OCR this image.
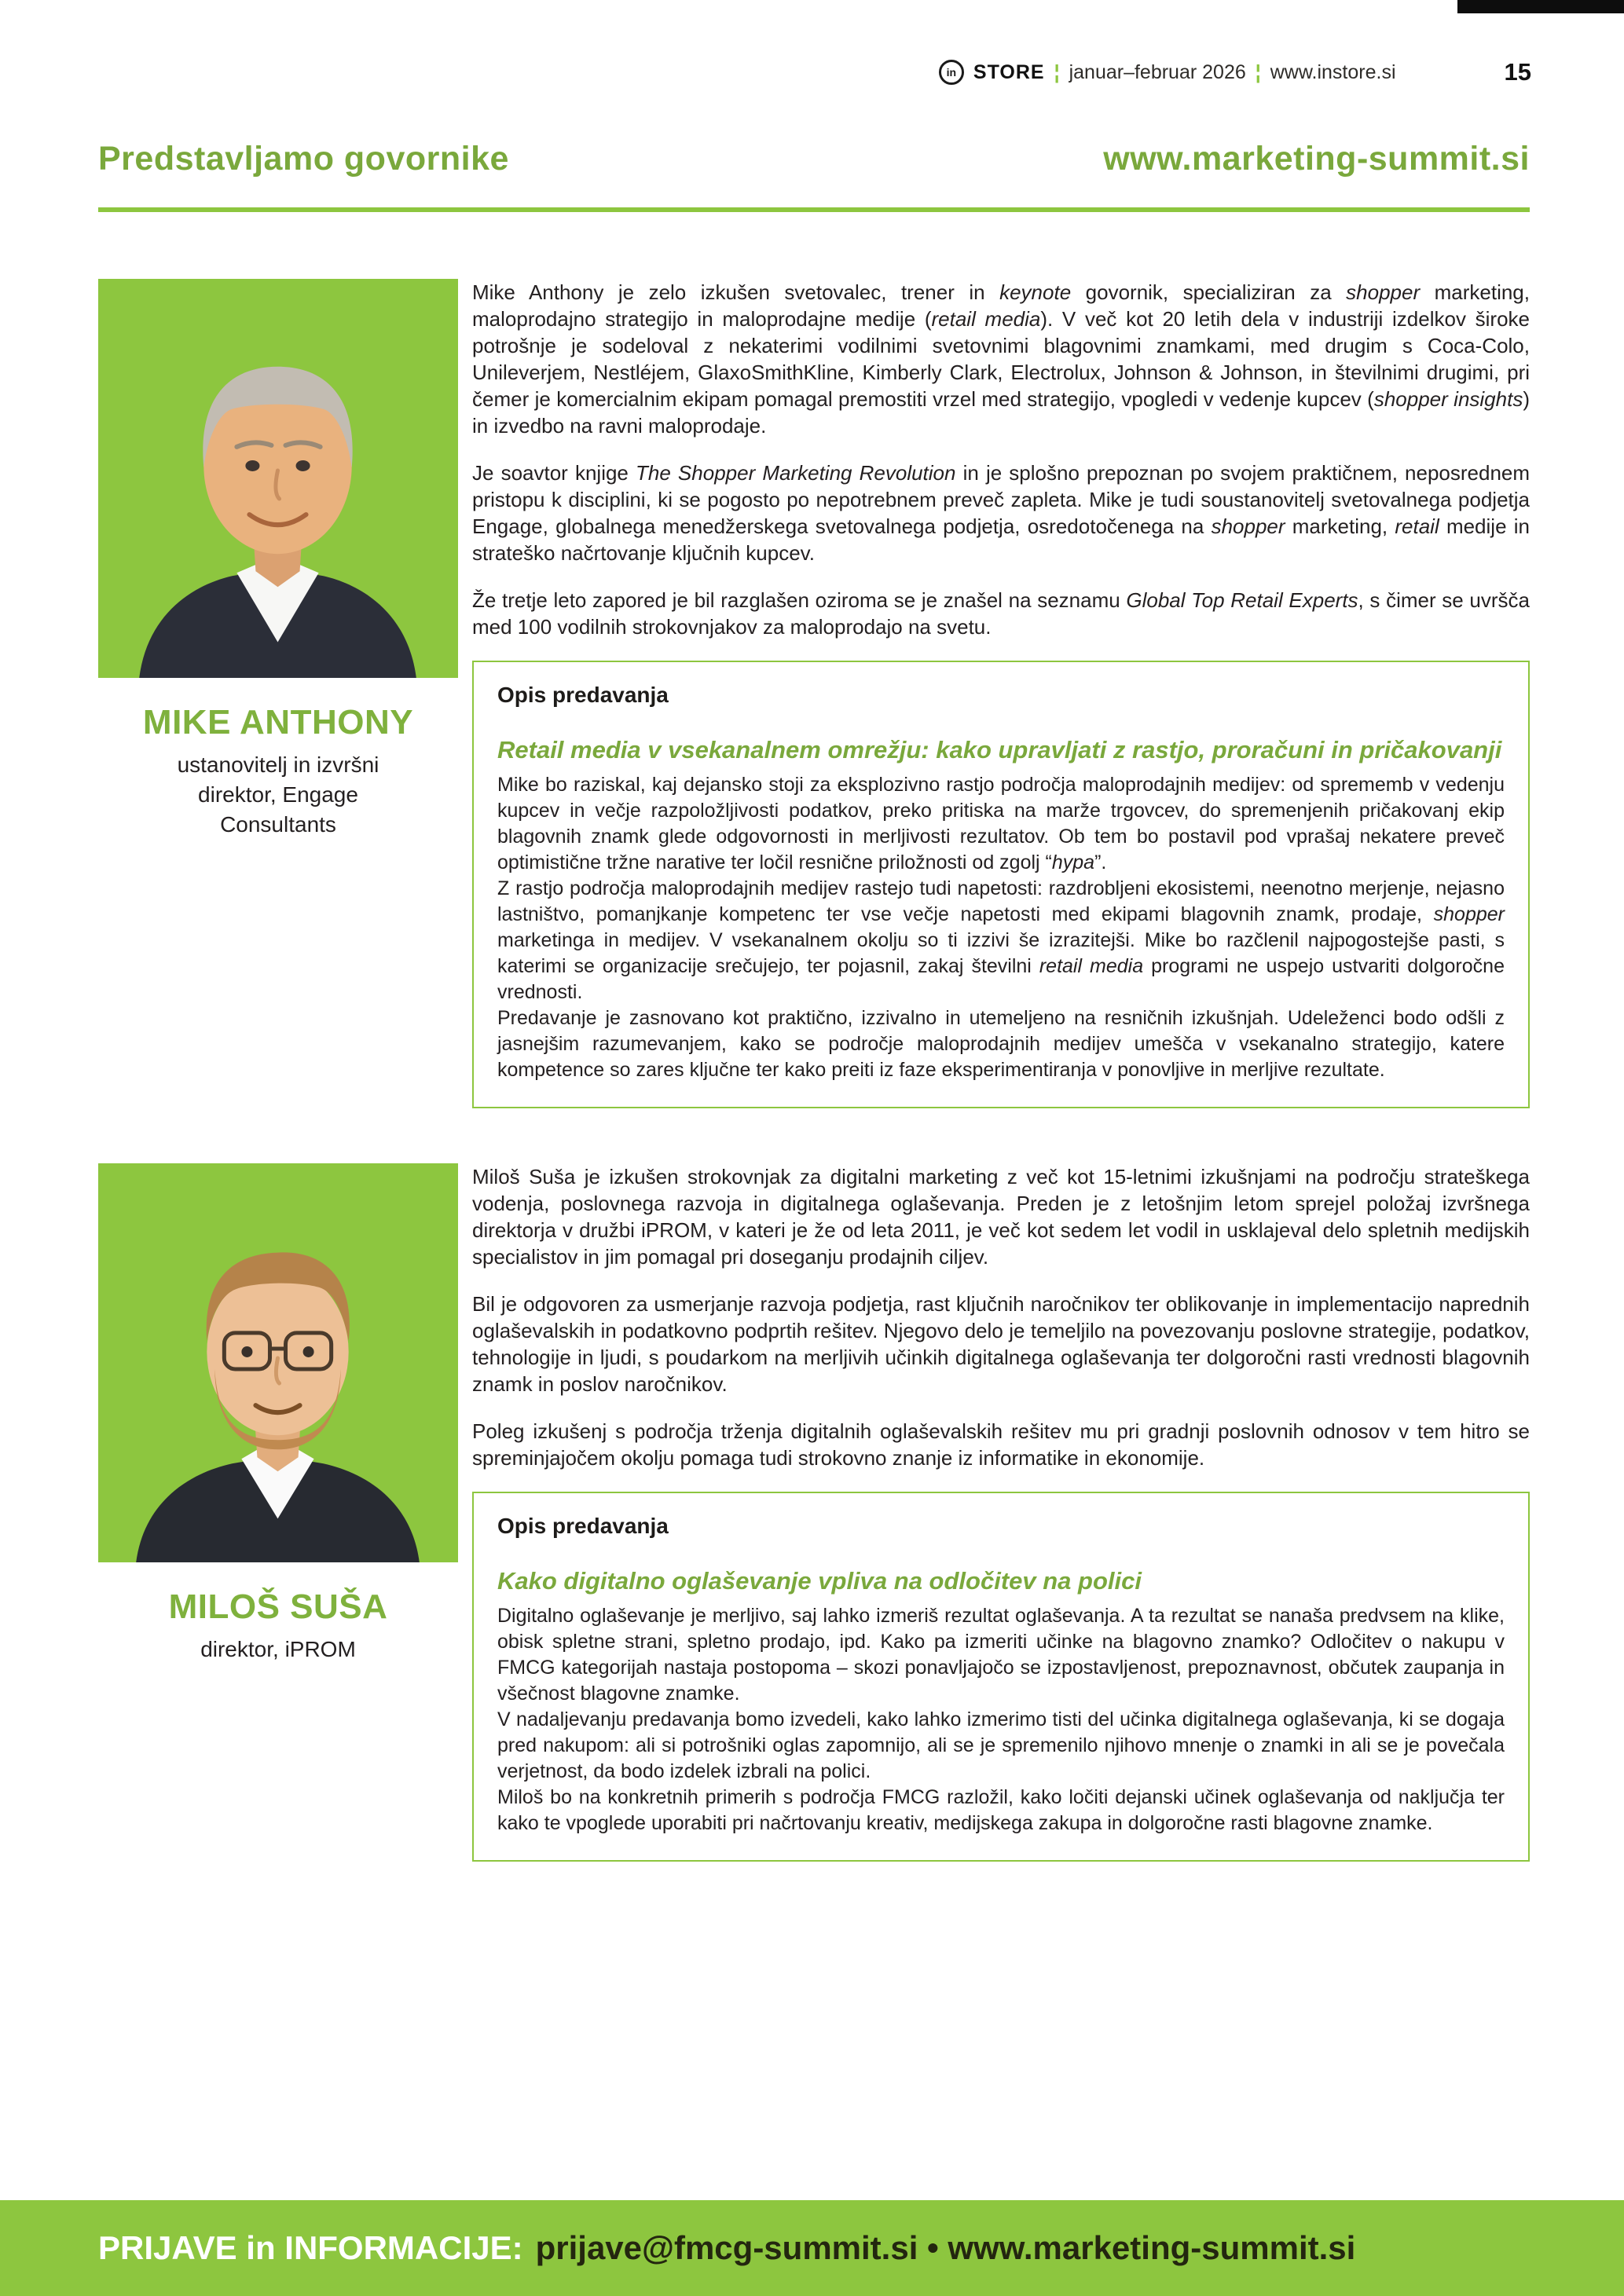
in STORE ¦ januar–februar 2026 ¦ www.instore.si	15
Predstavljamo govornike	www.marketing-summit.si
MIKE ANTHONY
ustanovitelj in izvršni direktor, Engage Consultants

Mike Anthony je zelo izkušen svetovalec, trener in keynote govornik, specializiran za shopper marketing, maloprodajno strategijo in maloprodajne medije (retail media). V več kot 20 letih dela v industriji izdelkov široke potrošnje je sodeloval z nekaterimi vodilnimi svetovnimi blagovnimi znamkami, med drugim s Coca-Colo, Unileverjem, Nestléjem, GlaxoSmithKline, Kimberly Clark, Electrolux, Johnson & Johnson, in številnimi drugimi, pri čemer je komercialnim ekipam pomagal premostiti vrzel med strategijo, vpogledi v vedenje kupcev (shopper insights) in izvedbo na ravni maloprodaje.

Je soavtor knjige The Shopper Marketing Revolution in je splošno prepoznan po svojem praktičnem, neposrednem pristopu k disciplini, ki se pogosto po nepotrebnem preveč zapleta. Mike je tudi soustanovitelj svetovalnega podjetja Engage, globalnega menedžerskega svetovalnega podjetja, osredotočenega na shopper marketing, retail medije in strateško načrtovanje ključnih kupcev.

Že tretje leto zapored je bil razglašen oziroma se je znašel na seznamu Global Top Retail Experts, s čimer se uvršča med 100 vodilnih strokovnjakov za maloprodajo na svetu.

Opis predavanja
Retail media v vsekanalnem omrežju: kako upravljati z rastjo, proračuni in pričakovanji

Mike bo raziskal, kaj dejansko stoji za eksplozivno rastjo področja maloprodajnih medijev: od sprememb v vedenju kupcev in večje razpoložljivosti podatkov, preko pritiska na marže trgovcev, do spremenjenih pričakovanj ekip blagovnih znamk glede odgovornosti in merljivosti rezultatov. Ob tem bo postavil pod vprašaj nekatere preveč optimistične tržne narative ter ločil resnične priložnosti od zgolj “hypa”.

Z rastjo področja maloprodajnih medijev rastejo tudi napetosti: razdrobljeni ekosistemi, neenotno merjenje, nejasno lastništvo, pomanjkanje kompetenc ter vse večje napetosti med ekipami blagovnih znamk, prodaje, shopper marketinga in medijev. V vsekanalnem okolju so ti izzivi še izrazitejši. Mike bo razčlenil najpogostejše pasti, s katerimi se organizacije srečujejo, ter pojasnil, zakaj številni retail media programi ne uspejo ustvariti dolgoročne vrednosti.

Predavanje je zasnovano kot praktično, izzivalno in utemeljeno na resničnih izkušnjah. Udeleženci bodo odšli z jasnejšim razumevanjem, kako se področje maloprodajnih medijev umešča v vsekanalno strategijo, katere kompetence so zares ključne ter kako preiti iz faze eksperimentiranja v ponovljive in merljive rezultate.

MILOŠ SUŠA
direktor, iPROM

Miloš Suša je izkušen strokovnjak za digitalni marketing z več kot 15-letnimi izkušnjami na področju strateškega vodenja, poslovnega razvoja in digitalnega oglaševanja. Preden je z letošnjim letom sprejel položaj izvršnega direktorja v družbi iPROM, v kateri je že od leta 2011, je več kot sedem let vodil in usklajeval delo spletnih medijskih specialistov in jim pomagal pri doseganju prodajnih ciljev.

Bil je odgovoren za usmerjanje razvoja podjetja, rast ključnih naročnikov ter oblikovanje in implementacijo naprednih oglaševalskih in podatkovno podprtih rešitev. Njegovo delo je temeljilo na povezovanju poslovne strategije, podatkov, tehnologije in ljudi, s poudarkom na merljivih učinkih digitalnega oglaševanja ter dolgoročni rasti vrednosti blagovnih znamk in poslov naročnikov.

Poleg izkušenj s področja trženja digitalnih oglaševalskih rešitev mu pri gradnji poslovnih odnosov v tem hitro se spreminjajočem okolju pomaga tudi strokovno znanje iz informatike in ekonomije.

Opis predavanja
Kako digitalno oglaševanje vpliva na odločitev na polici

Digitalno oglaševanje je merljivo, saj lahko izmeriš rezultat oglaševanja. A ta rezultat se nanaša predvsem na klike, obisk spletne strani, spletno prodajo, ipd. Kako pa izmeriti učinke na blagovno znamko? Odločitev o nakupu v FMCG kategorijah nastaja postopoma – skozi ponavljajočo se izpostavljenost, prepoznavnost, občutek zaupanja in všečnost blagovne znamke.

V nadaljevanju predavanja bomo izvedeli, kako lahko izmerimo tisti del učinka digitalnega oglaševanja, ki se dogaja pred nakupom: ali si potrošniki oglas zapomnijo, ali se je spremenilo njihovo mnenje o znamki in ali se je povečala verjetnost, da bodo izdelek izbrali na polici.

Miloš bo na konkretnih primerih s področja FMCG razložil, kako ločiti dejanski učinek oglaševanja od naključja ter kako te vpoglede uporabiti pri načrtovanju kreativ, medijskega zakupa in dolgoročne rasti blagovne znamke.

PRIJAVE in INFORMACIJE: prijave@fmcg-summit.si • www.marketing-summit.si
